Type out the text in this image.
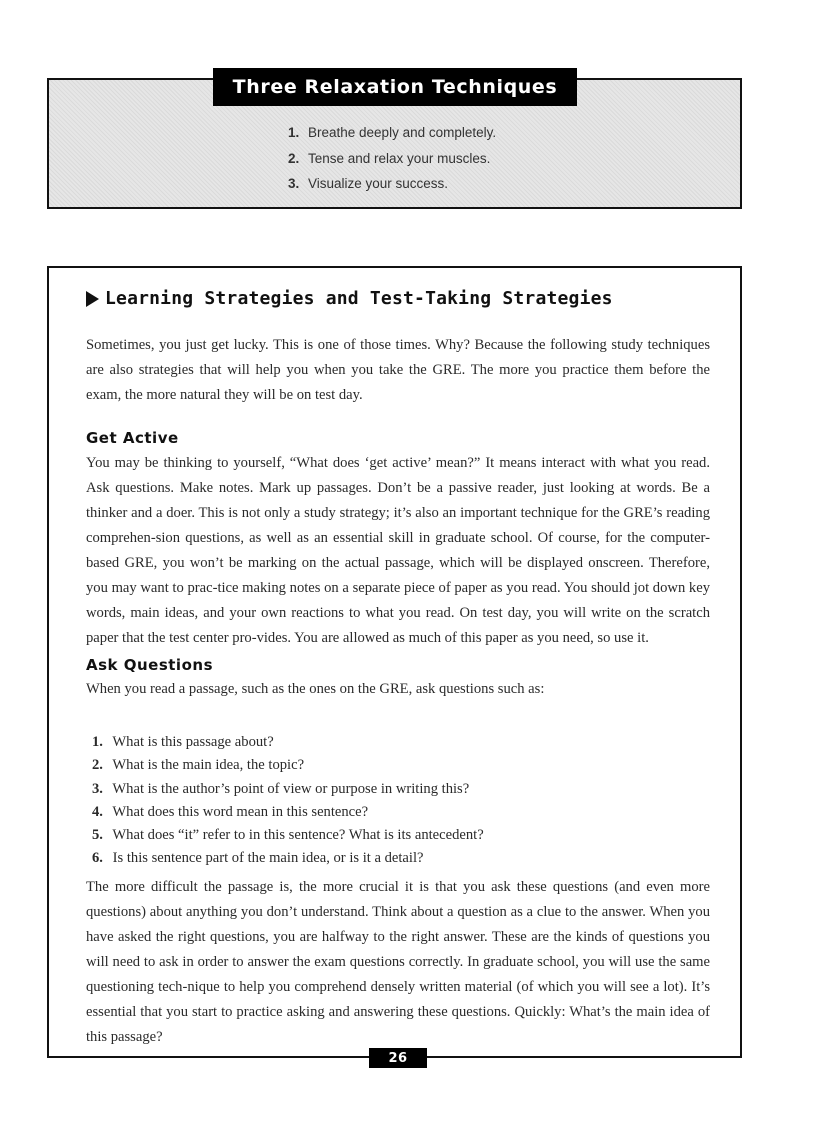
Three Relaxation Techniques
1. Breathe deeply and completely.
2. Tense and relax your muscles.
3. Visualize your success.
Learning Strategies and Test-Taking Strategies

Sometimes, you just get lucky. This is one of those times. Why? Because the following study techniques are also strategies that will help you when you take the GRE. The more you practice them before the exam, the more natural they will be on test day.

Get Active

You may be thinking to yourself, “What does ‘get active’ mean?” It means interact with what you read. Ask questions. Make notes. Mark up passages. Don’t be a passive reader, just looking at words. Be a thinker and a doer. This is not only a study strategy; it’s also an important technique for the GRE’s reading comprehen-sion questions, as well as an essential skill in graduate school. Of course, for the computer-based GRE, you won’t be marking on the actual passage, which will be displayed onscreen. Therefore, you may want to prac-tice making notes on a separate piece of paper as you read. You should jot down key words, main ideas, and your own reactions to what you read. On test day, you will write on the scratch paper that the test center pro-vides. You are allowed as much of this paper as you need, so use it.

Ask Questions

When you read a passage, such as the ones on the GRE, ask questions such as:

1. What is this passage about?
2. What is the main idea, the topic?
3. What is the author’s point of view or purpose in writing this?
4. What does this word mean in this sentence?
5. What does “it” refer to in this sentence? What is its antecedent?
6. Is this sentence part of the main idea, or is it a detail?

The more difficult the passage is, the more crucial it is that you ask these questions (and even more questions) about anything you don’t understand. Think about a question as a clue to the answer. When you have asked the right questions, you are halfway to the right answer. These are the kinds of questions you will need to ask in order to answer the exam questions correctly. In graduate school, you will use the same questioning tech-nique to help you comprehend densely written material (of which you will see a lot). It’s essential that you start to practice asking and answering these questions. Quickly: What’s the main idea of this passage?

26
